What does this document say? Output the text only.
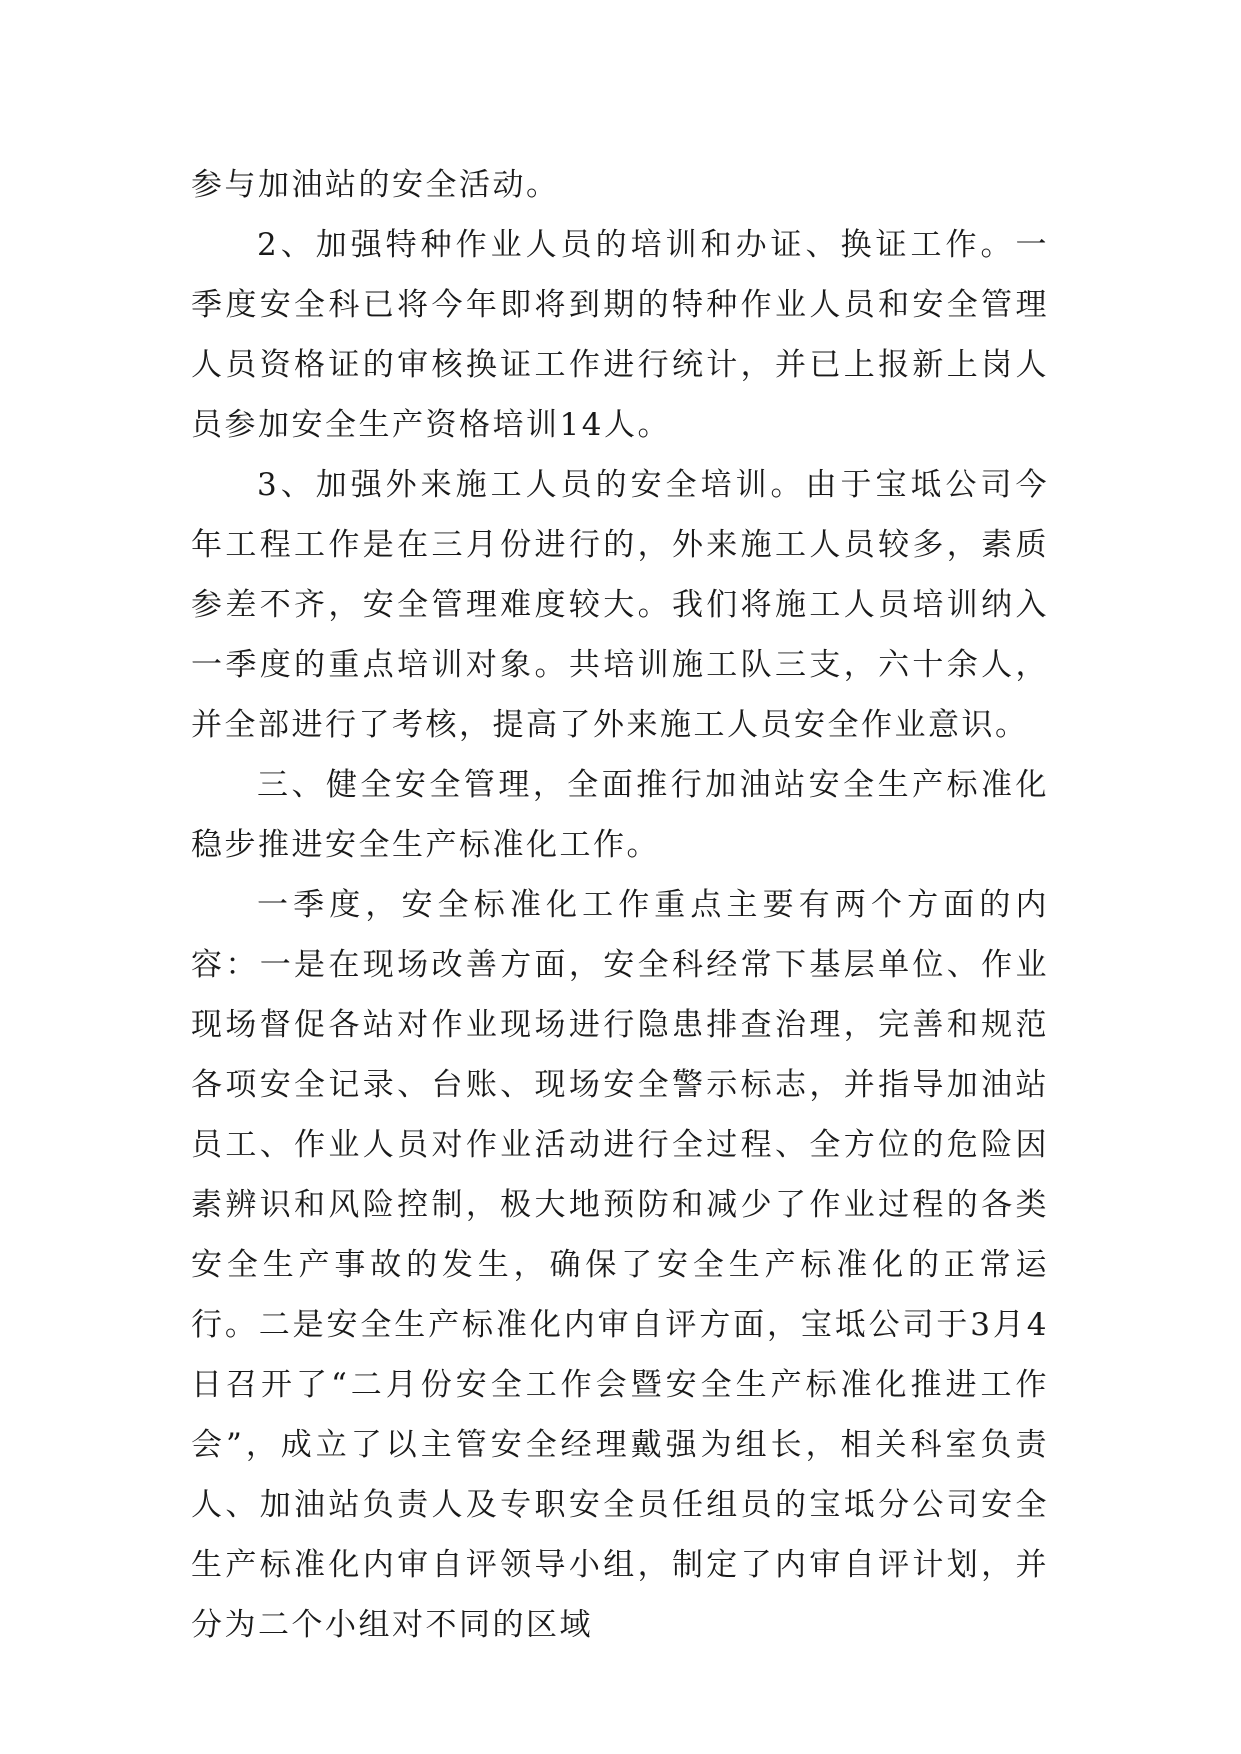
参与加油站的安全活动。

2、加强特种作业人员的培训和办证、换证工作。一季度安全科已将今年即将到期的特种作业人员和安全管理人员资格证的审核换证工作进行统计，并已上报新上岗人员参加安全生产资格培训14人。

3、加强外来施工人员的安全培训。由于宝坻公司今年工程工作是在三月份进行的，外来施工人员较多，素质参差不齐，安全管理难度较大。我们将施工人员培训纳入一季度的重点培训对象。共培训施工队三支，六十余人，并全部进行了考核，提高了外来施工人员安全作业意识。

三、健全安全管理，全面推行加油站安全生产标准化稳步推进安全生产标准化工作。

一季度，安全标准化工作重点主要有两个方面的内容：一是在现场改善方面，安全科经常下基层单位、作业现场督促各站对作业现场进行隐患排查治理，完善和规范各项安全记录、台账、现场安全警示标志，并指导加油站员工、作业人员对作业活动进行全过程、全方位的危险因素辨识和风险控制，极大地预防和减少了作业过程的各类安全生产事故的发生，确保了安全生产标准化的正常运行。二是安全生产标准化内审自评方面，宝坻公司于3月4日召开了“二月份安全工作会暨安全生产标准化推进工作会”，成立了以主管安全经理戴强为组长，相关科室负责人、加油站负责人及专职安全员任组员的宝坻分公司安全生产标准化内审自评领导小组，制定了内审自评计划，并分为二个小组对不同的区域
